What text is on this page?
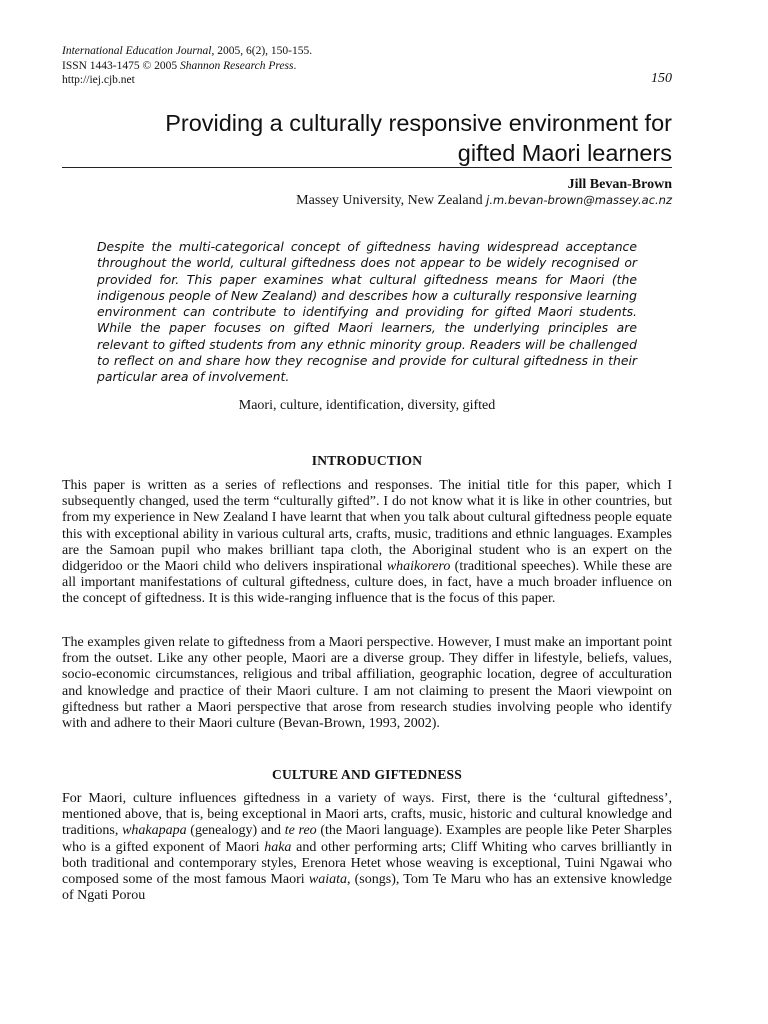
International Education Journal, 2005, 6(2), 150-155.
ISSN 1443-1475 © 2005 Shannon Research Press.
http://iej.cjb.net	150
Providing a culturally responsive environment for
gifted Maori learners
Jill Bevan-Brown
Massey University, New Zealand j.m.bevan-brown@massey.ac.nz

Despite the multi-categorical concept of giftedness having widespread acceptance throughout the world, cultural giftedness does not appear to be widely recognised or provided for. This paper examines what cultural giftedness means for Maori (the indigenous people of New Zealand) and describes how a culturally responsive learning environment can contribute to identifying and providing for gifted Maori students. While the paper focuses on gifted Maori learners, the underlying principles are relevant to gifted students from any ethnic minority group. Readers will be challenged to reflect on and share how they recognise and provide for cultural giftedness in their particular area of involvement.

Maori, culture, identification, diversity, gifted
INTRODUCTION

This paper is written as a series of reflections and responses. The initial title for this paper, which I subsequently changed, used the term “culturally gifted”. I do not know what it is like in other countries, but from my experience in New Zealand I have learnt that when you talk about cultural giftedness people equate this with exceptional ability in various cultural arts, crafts, music, traditions and ethnic languages. Examples are the Samoan pupil who makes brilliant tapa cloth, the Aboriginal student who is an expert on the didgeridoo or the Maori child who delivers inspirational whaikorero (traditional speeches). While these are all important manifestations of cultural giftedness, culture does, in fact, have a much broader influence on the concept of giftedness. It is this wide-ranging influence that is the focus of this paper.

The examples given relate to giftedness from a Maori perspective. However, I must make an important point from the outset. Like any other people, Maori are a diverse group. They differ in lifestyle, beliefs, values, socio-economic circumstances, religious and tribal affiliation, geographic location, degree of acculturation and knowledge and practice of their Maori culture. I am not claiming to present the Maori viewpoint on giftedness but rather a Maori perspective that arose from research studies involving people who identify with and adhere to their Maori culture (Bevan-Brown, 1993, 2002).

CULTURE AND GIFTEDNESS

For Maori, culture influences giftedness in a variety of ways. First, there is the ‘cultural giftedness’, mentioned above, that is, being exceptional in Maori arts, crafts, music, historic and cultural knowledge and traditions, whakapapa (genealogy) and te reo (the Maori language). Examples are people like Peter Sharples who is a gifted exponent of Maori haka and other performing arts; Cliff Whiting who carves brilliantly in both traditional and contemporary styles, Erenora Hetet whose weaving is exceptional, Tuini Ngawai who composed some of the most famous Maori waiata, (songs), Tom Te Maru who has an extensive knowledge of Ngati Porou
